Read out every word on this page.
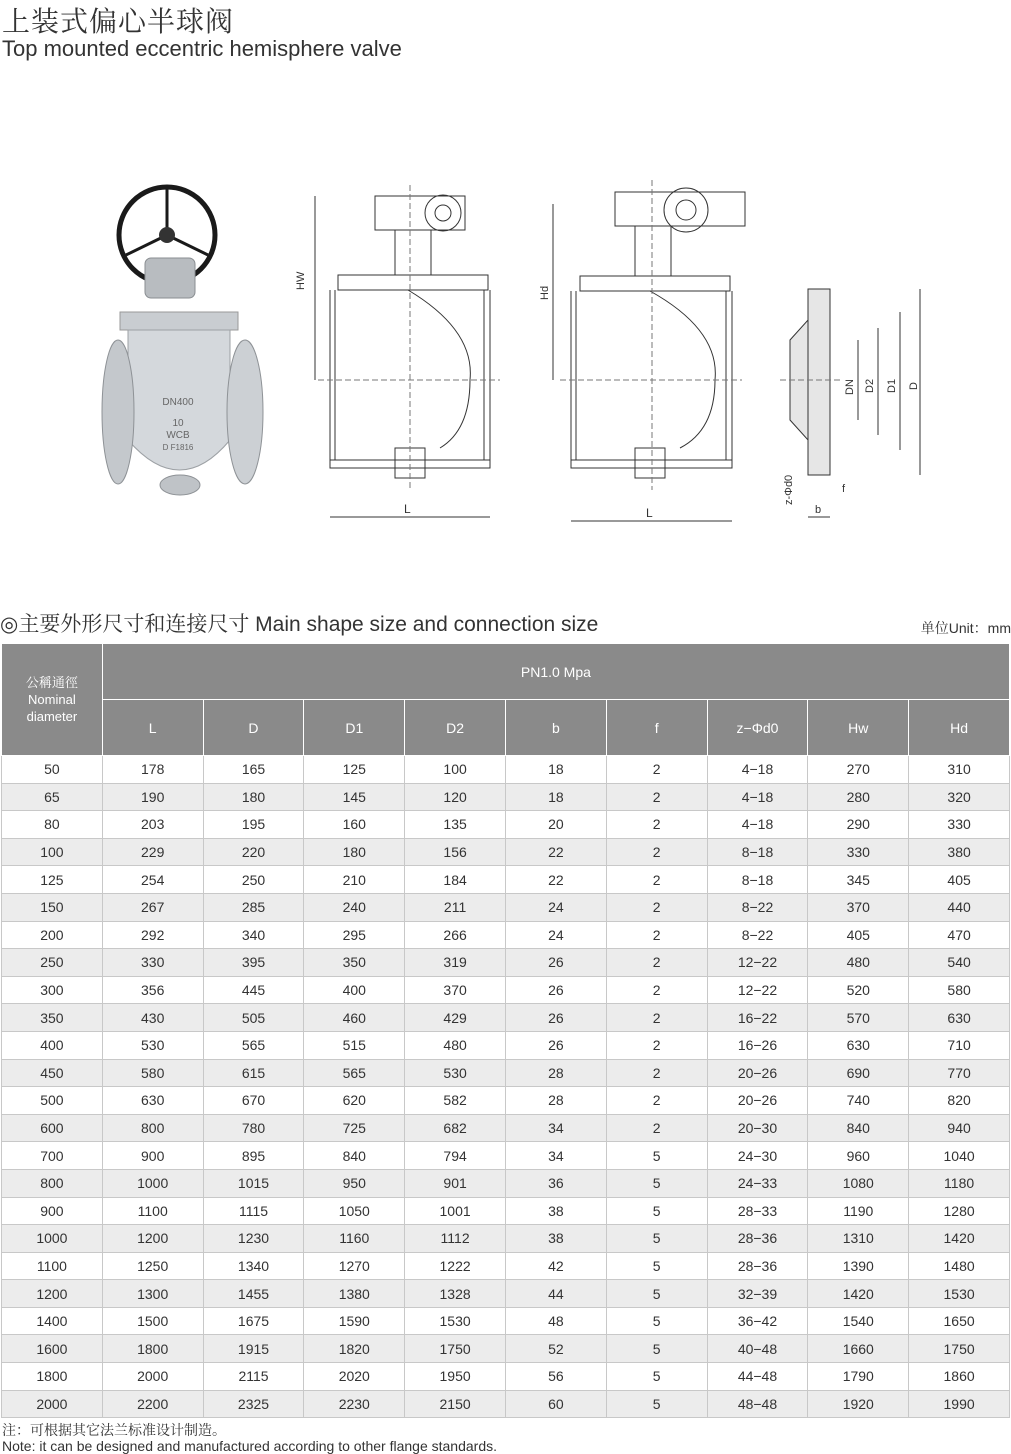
上装式偏心半球阀
Top mounted eccentric hemisphere valve
DN400
10
WCB
D F1816
HW
L
Hd
L
DN D2 D1 D
z-Φd0
b
f
◎主要外形尺寸和连接尺寸 Main shape size and connection size	单位Unit：mm
公稱通徑
Nominal
diameter	PN1.0 Mpa								
	L	D	D1	D2	b	f	z−Φd0	Hw	Hd
50	178	165	125	100	18	2	4−18	270	310
65	190	180	145	120	18	2	4−18	280	320
80	203	195	160	135	20	2	4−18	290	330
100	229	220	180	156	22	2	8−18	330	380
125	254	250	210	184	22	2	8−18	345	405
150	267	285	240	211	24	2	8−22	370	440
200	292	340	295	266	24	2	8−22	405	470
250	330	395	350	319	26	2	12−22	480	540
300	356	445	400	370	26	2	12−22	520	580
350	430	505	460	429	26	2	16−22	570	630
400	530	565	515	480	26	2	16−26	630	710
450	580	615	565	530	28	2	20−26	690	770
500	630	670	620	582	28	2	20−26	740	820
600	800	780	725	682	34	2	20−30	840	940
700	900	895	840	794	34	5	24−30	960	1040
800	1000	1015	950	901	36	5	24−33	1080	1180
900	1100	1115	1050	1001	38	5	28−33	1190	1280
1000	1200	1230	1160	1112	38	5	28−36	1310	1420
1100	1250	1340	1270	1222	42	5	28−36	1390	1480
1200	1300	1455	1380	1328	44	5	32−39	1420	1530
1400	1500	1675	1590	1530	48	5	36−42	1540	1650
1600	1800	1915	1820	1750	52	5	40−48	1660	1750
1800	2000	2115	2020	1950	56	5	44−48	1790	1860
2000	2200	2325	2230	2150	60	5	48−48	1920	1990
注：可根据其它法兰标准设计制造。
Note: it can be designed and manufactured according to other flange standards.
